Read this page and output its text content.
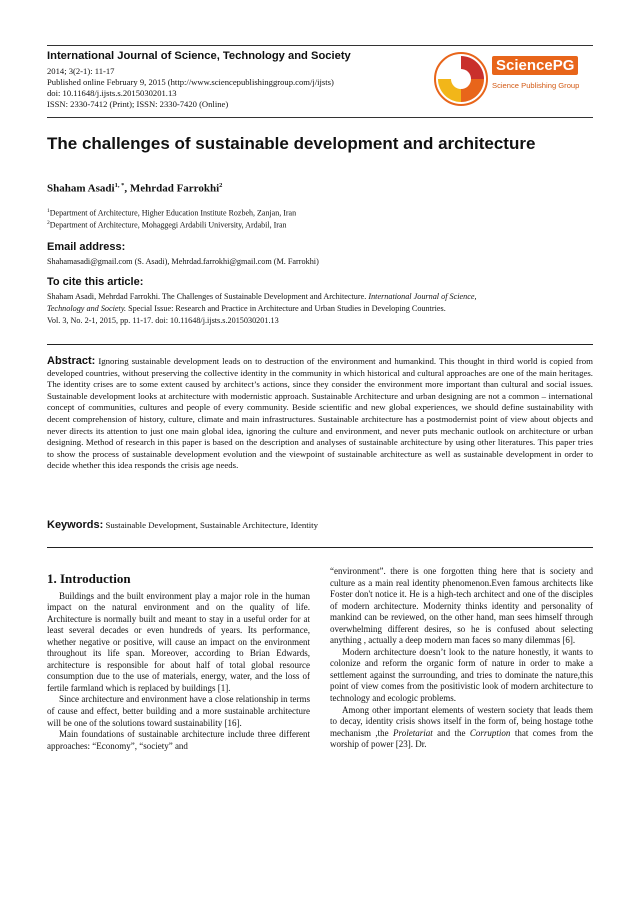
International Journal of Science, Technology and Society
2014; 3(2-1): 11-17
Published online February 9, 2015 (http://www.sciencepublishinggroup.com/j/ijsts)
doi: 10.11648/j.ijsts.s.2015030201.13
ISSN: 2330-7412 (Print); ISSN: 2330-7420 (Online)
SciencePG
Science Publishing Group
The challenges of sustainable development and architecture
Shaham Asadi$^{1, *}$, Mehrdad Farrokhi$^2$
$^1$Department of Architecture, Higher Education Institute Rozbeh, Zanjan, Iran
$^2$Department of Architecture, Mohaggegi Ardabili University, Ardabil, Iran
Email address:
Shahamasadi@gmail.com (S. Asadi), Mehrdad.farrokhi@gmail.com (M. Farrokhi)
To cite this article:
Shaham Asadi, Mehrdad Farrokhi. The Challenges of Sustainable Development and Architecture. International Journal of Science,
Technology and Society. Special Issue: Research and Practice in Architecture and Urban Studies in Developing Countries.
Vol. 3, No. 2-1, 2015, pp. 11-17. doi: 10.11648/j.ijsts.s.2015030201.13
Abstract: Ignoring sustainable development leads on to destruction of the environment and humankind. This thought in third world is copied from developed countries, without preserving the collective identity in the community in which historical and cultural approaches are one of the main heritages. The identity crises are to some extent caused by architect’s actions, since they consider the environment more important than cultural and social issues. Sustainable development looks at architecture with modernistic approach. Sustainable Architecture and urban designing are not a common – international concept of communities, cultures and people of every community. Beside scientific and new global experiences, we should define sustainability with decent comprehension of history, culture, climate and main infrastructures. Sustainable architecture has a postmodernist point of view about objects and never directs its attention to just one main global idea, ignoring the culture and environment, and never puts mechanic outlook on architecture or urban designing. Method of research in this paper is based on the description and analyses of sustainable architecture by using other literatures. This paper tries to show the process of sustainable development evolution and the viewpoint of sustainable architecture as well as sustainable development in order to decide whether this idea responds the crisis age needs.
Keywords: Sustainable Development, Sustainable Architecture, Identity
1. Introduction

Buildings and the built environment play a major role in the human impact on the natural environment and on the quality of life. Architecture is normally built and meant to stay in a useful order for at least several decades or even hundreds of years. Its performance, whether negative or positive, will cause an impact on the environment throughout its life span. Moreover, according to Brian Edwards, architecture is responsible for about half of total global resource consumption due to the use of materials, energy, water, and the loss of fertile farmland which is replaced by buildings [1].

Since architecture and environment have a close relationship in terms of cause and effect, better building and a more sustainable architecture will be one of the solutions toward sustainability [16].

Main foundations of sustainable architecture include three different approaches: “Economy”, “society” and

“environment”. there is one forgotten thing here that is society and culture as a main real identity phenomenon.Even famous architects like Foster don't notice it. He is a high-tech architect and one of the disciples of modern architecture. Modernity thinks identity and personality of mankind can be reviewed, on the other hand, man sees himself through overwhelming different desires, so he is confused about selecting anything , actually a deep modern man faces so many dilemmas [6].

Modern architecture doesn’t look to the nature honestly, it wants to colonize and reform the organic form of nature in order to make a settlement against the surrounding, and tries to dominate the nature,this point of view comes from the positivistic look of modern architecture to technology and ecologic problems.

Among other important elements of western society that leads them to decay, identity crisis shows itself in the form of, being hostage tothe mechanism ,the Proletariat and the Corruption that comes from the worship of power [23]. Dr.
